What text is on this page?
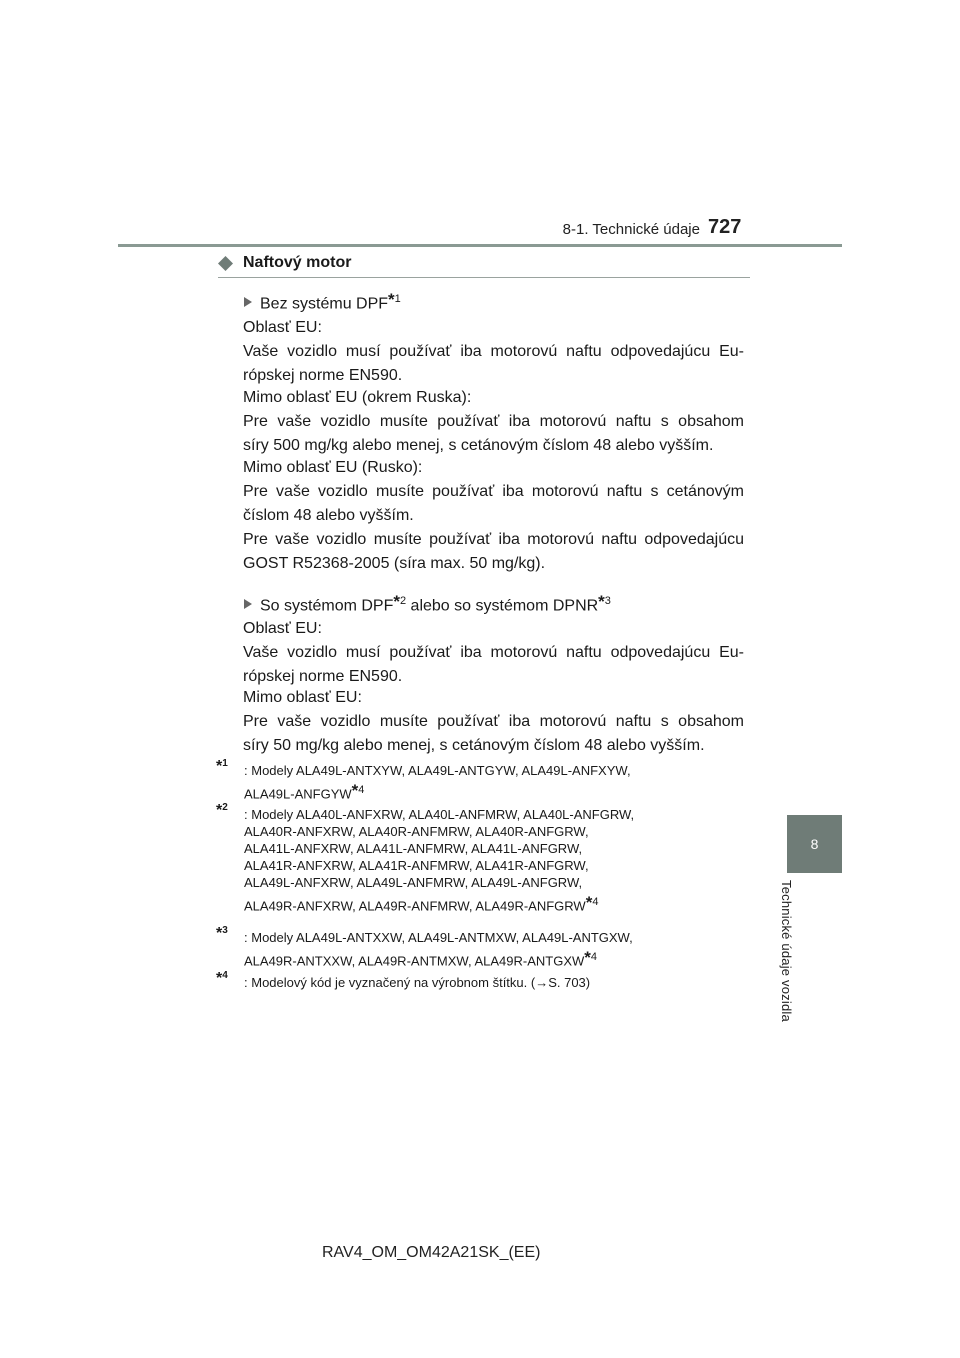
8-1. Technické údaje 727
8
Technické údaje vozidla
Naftový motor
Bez systému DPF$^{*1}$
Oblasť EU:
Vaše vozidlo musí používať iba motorovú naftu odpovedajúcu Eu-
rópskej norme EN590.
Mimo oblasť EU (okrem Ruska):
Pre vaše vozidlo musíte používať iba motorovú naftu s obsahom
síry 500 mg/kg alebo menej, s cetánovým číslom 48 alebo vyšším.
Mimo oblasť EU (Rusko):
Pre vaše vozidlo musíte používať iba motorovú naftu s cetánovým
číslom 48 alebo vyšším.
Pre vaše vozidlo musíte používať iba motorovú naftu odpovedajúcu
GOST R52368-2005 (síra max. 50 mg/kg).
So systémom DPF$^{*2}$ alebo so systémom DPNR$^{*3}$
Oblasť EU:
Vaše vozidlo musí používať iba motorovú naftu odpovedajúcu Eu-
rópskej norme EN590.
Mimo oblasť EU:
Pre vaše vozidlo musíte používať iba motorovú naftu s obsahom
síry 50 mg/kg alebo menej, s cetánovým číslom 48 alebo vyšším.
*$^1$ : Modely ALA49L-ANTXYW, ALA49L-ANTGYW, ALA49L-ANFXYW,
ALA49L-ANFGYW$^{*4}$
*$^2$ : Modely ALA40L-ANFXRW, ALA40L-ANFMRW, ALA40L-ANFGRW,
ALA40R-ANFXRW, ALA40R-ANFMRW, ALA40R-ANFGRW,
ALA41L-ANFXRW, ALA41L-ANFMRW, ALA41L-ANFGRW,
ALA41R-ANFXRW, ALA41R-ANFMRW, ALA41R-ANFGRW,
ALA49L-ANFXRW, ALA49L-ANFMRW, ALA49L-ANFGRW,
ALA49R-ANFXRW, ALA49R-ANFMRW, ALA49R-ANFGRW$^{*4}$
*$^3$ : Modely ALA49L-ANTXXW, ALA49L-ANTMXW, ALA49L-ANTGXW,
ALA49R-ANTXXW, ALA49R-ANTMXW, ALA49R-ANTGXW$^{*4}$
*$^4$ : Modelový kód je vyznačený na výrobnom štítku. (→S. 703)
RAV4_OM_OM42A21SK_(EE)
